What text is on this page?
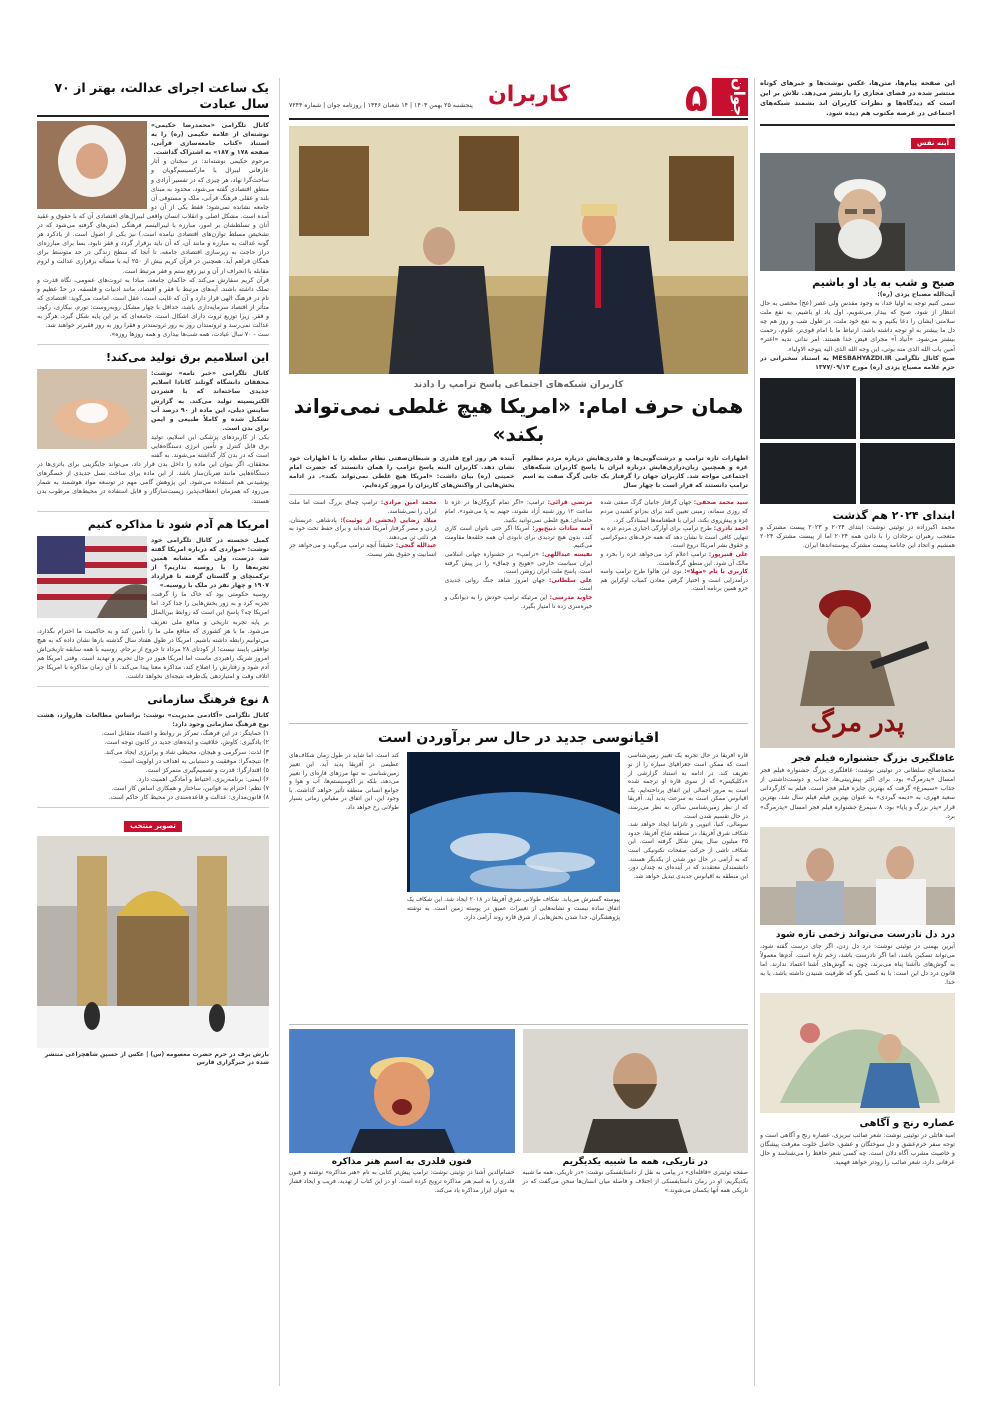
این صفحه پیام‌ها، متن‌ها، عکس نوشت‌ها و خبرهای کوتاه منتشر شده در فضای مجازی را بازنشر می‌دهد. تلاش بر این است که دیدگاه‌ها و نظرات کاربران اند بشمند شبکه‌های اجتماعی در عرصه مکتوب هم دیده شود.

آینه نفس
صبح و شب به یاد او باشیم

آیت‌الله مصباح یزدی (ره):

سمی کنیم توجه به اولیا خدا، به وجود مقدس ولی عصر (عج) مخصی به حال انتظار از شود. صبح که بیدار می‌شویم، اول یاد او باشیم، به نفع ملت سلامتی ایشان را دعا بکنیم و به نفع خود ملت، در طول شب و روز هم چه دل ما بیشتر به او توجه داشته باشد، ارتباط ما با امام قوی‌تر، علوم، رحمت بیشتر می‌شود. «آنیاد آ» مجرای فیض خدا هستند. امر ندانی ندیه «اعتر» آمین باب الله الذی منه یوتی، این وجه الله الذی الیه یتوجه الاولیاء.

صبح کانال تلگرامی MESBAHYAZDI.IR به استناد سخنرانی در حرم علامه مصباح یزدی (ره) مورخ ۱۳۷۷/۰۹/۱۴

ابتدای ۲۰۲۴ هم گذشت

محمد اکبرزاده در توئیتی نوشت: ابتدای ۲۰۲۴ و ۲۰۲۳ پیست مشترک و متعجب رهبران برجادان را با دادن همه ۲۰۲۴ اما از پیست مشترک ۲۰۲۴ همشیم و اتحاد این جانامه پیست مشترک پیوسته‌اندها ایران.

پدر مرگ
غافلگیری بزرگ جشنواره فیلم فجر

محمدصالح سلطانی در توئیتی نوشت: غافلگیری بزرگ جشنواره فیلم فجر امسال «پدرمرگ» بود. برای اکثر پیش‌بینی‌ها، جذاب و دوست‌داشتنی از جذاب «سیمرغ» گرفت که بهترین جایزه فیلم فجر است. فیلم به کارگردانی سعید فهری، به «دیمه گیردی» به عنوان بهترین فیلم فیلم سال شد، بهترین قرار «پدر بزرگ و پاپا» بود. ۸ سیمرغ جشنواره فیلم فجر امسال «پدرمرگ» برد.

درد دل نادرست می‌تواند زخمی تازه شود

آیرین بهمنی در توئیتی نوشت: درد دل زدن، اگر جای درست گفته شود، می‌تواند تسکین باشد، اما اگر نادرست باشد، زخم تازه است. آدم‌ها معمولاً به گوش‌های ناآشنا پناه می‌برند، چون به گوش‌های آشنا اعتماد ندارند. اما قانون درد دل این است: یا به کسی بگو که ظرفیت شنیدن داشته باشد، یا به خدا.

عصاره رنج و آگاهی

امید هاتلی در توئیتی نوشت: شعر صائب تبریزی، عصاره رنج و آگاهی است و توجه سفر خرم‌عشق و دل سوختگان و عشق، حاصل خلوت معرفت پیشگان و خاصیت مشرب آگاه دلان است. چه کسی شعر حافظ را می‌شناسد و حال عرفانی دارد، شعر صائب را زودتر خواهد فهمید.

جوان
۵
کاربران
پنجشنبه ۲۵ بهمن ۱۴۰۳ | ۱۴ شعبان ۱۴۴۶ | روزنامه جوان | شماره ۷۲۴۴
کاربران شبکه‌های اجتماعی پاسخ ترامپ را دادند
همان حرف امام: «امریکا هیچ غلطی نمی‌تواند بکند»

اظهارات تازه ترامپ و درشت‌گویی‌ها و قلدری‌هایش درباره مردم مظلوم غزه و همچنین زبان‌درازی‌هایش درباره ایران با پاسخ کاربران شبکه‌های اجتماعی مواجه شد. کاربران جهان را گرفتار یک جانی گرگ صفت به اسم ترامپ دانستند که قرار است تا چهار سال

آینده هر روز اوج قلدری و شیطان‌صفتی نظام سلطه را با اظهارات خود نشان دهد. کاربران البته پاسخ ترامپ را همان دانستند که حضرت امام خمینی (ره) بیان داشت: «امریکا هیچ غلطی نمی‌تواند بکند». در ادامه بخش‌هایی از واکنش‌های کاربران را مرور کرده‌ایم.

سید محمد صحفی: جهان گرفتار جانیان گرگ صفتی شده که روزی سمانه، زمینی تعیین کنند برای به‌زانو کشیدن مردم غزه و پیش‌روی بکند، ایران با قطعنامه‌ها ایستادگی کرد.

احمد نادری: طرح ترامپ برای آوارگی اجباری مردم غزه به تنهایی کافی است تا نشان دهد که همه حرف‌های دموکراسی و حقوق بشر امریکا دروغ است.

علی قنبرپور: ترامپ اعلام کرد می‌خواهد غزه را بخرد و مالک آن شود. این منطق گرگ‌هاست.

کاربری با نام «مهلا»: نوی این هالوا طرح ترامپ واسه درآمدزایی است و اختیار گرفتن معادن کمیاب اوکراین هم جزو همین برنامه است.

مرتضی قرائی: ترامپ: «اگر تمام گروگان‌ها در غزه تا ساعت ۱۲ روز شنبه آزاد نشوند، جهنم به پا می‌شود». امام خامنه‌ای: هیچ غلطی نمی‌توانید بکنید.

آمنه سادات ذبیح‌پور: آمریکا اگر حتی ناتوان است کاری کند، بدون هیچ تردیدی برای نابودی آن همه حلقه‌ها مقاومت می‌کنیم.

نفیسه عبداللهی: «ترامپ» در جشنواره جهانی اسلامی ایران سیاست خارجی «هویج و چماق» را در پیش گرفته است. پاسخ ملت ایران روشن است.

علی سلطانی: جهان امروز شاهد جنگ روانی جدیدی است.

جاوید مدرسی: این مرتیکه ترامپ خودش را به دیوانگی و خیره‌سری زده تا امتیاز بگیرد.

محمد امین مرادی: ترامپ چماق بزرگ است اما ملت ایران را نمی‌شناسد.

میلاد رضایی (بخشی از توئیت): پادشاهی عربستان، اردن و مصر گرفتار آمریکا شده‌اند و برای حفظ تخت خود به هر ذلتی تن می‌دهند.

عبدالله گنجی: حقیقتاً آنچه ترامپ می‌گوید و می‌خواهد جز انسانیت و حقوق بشر نیست.

اقیانوسی جدید در حال سر برآوردن است

قاره آفریقا در حال تجربه یک تغییر زمین‌شناسی است که ممکن است جغرافیای سیاره را از نو تعریف کند. در ادامه به استناد گزارشی از «دکلیکیس» که از سوی قاره او ترجمه شده است به مرور اجمالی این اتفاق پرداخته‌ایم. یک اقیانوس ممکن است به سرعت پدید آید. آفریقا که از نظر زمین‌شناسی ساکن به نظر می‌رسد، در حال تقسیم شدن است.

سومالی، کنیا، اتیوپی و تانزانیا ایجاد خواهد شد. شکاف شرق آفریقا، در منطقه شاخ آفریقا، حدود ۳۵ میلیون سال پیش شکل گرفته است. این شکاف ناشی از حرکت صفحات تکتونیکی است که به آرامی در حال دور شدن از یکدیگر هستند. دانشمندان معتقدند که در آینده‌ای نه چندان دور، این منطقه به اقیانوس جدیدی تبدیل خواهد شد.

پیوسته گسترش می‌یابد. شکاف طولانی شرق آفریقا در ۲۰۱۸ ایجاد شد. این شکاف یک اتفاق ساده نیست و نشانه‌هایی از تغییرات عمیق در پوسته زمین است. به نوشته پژوهشگران، جدا شدن بخش‌هایی از شرق قاره روند آرامی دارد.

کند است. اما شاید در طول زمان شکاف‌های عظیمی در آفریقا پدید آید. این تغییر زمین‌شناسی نه تنها مرزهای قاره‌ای را تغییر می‌دهد، بلکه بر اکوسیستم‌ها، آب و هوا و جوامع انسانی منطقه تأثیر خواهد گذاشت. با وجود این، این اتفاق در مقیاس زمانی بسیار طولانی رخ خواهد داد.

در تاریکی، همه ما شبیه یکدیگریم

صفحه توئیتری «قافله‌ای» در پیامی به نقل از داستایفسکی نوشت: «در تاریکی، همه ما شبیه یکدیگریم. او در زمان داستایفسکی از اختلاف و فاصله میان انسان‌ها سخن می‌گفت که در تاریکی همه آنها یکسان می‌شوند.»

فنون قلدری به اسم هنر مذاکره

حسام‌الدین آشنا در توئیتی نوشت: ترامپ پیش‌تر کتابی به نام «هنر مذاکره» نوشته و فنون قلدری را به اسم هنر مذاکره ترویج کرده است. او در این کتاب از تهدید، فریب و ایجاد فشار به عنوان ابزار مذاکره یاد می‌کند.

یک ساعت اجرای عدالت، بهتر از ۷۰ سال عبادت

کانال تلگرامی «محمدرضا حکیمی» نوشته‌ای از علامه حکیمی (ره) را به استناد «کتاب جامعه‌سازی قرآنی، صفحه ۱۷۸ و ۱۸۷» به اشتراک گذاشت.

مرحوم حکیمی نوشته‌اند: در سخنان و آثار عارفانی لیبرال یا مارکسیسم‌گویان و ساخت‌گرا نهاد، هر چیزی که در تفسیر آزادی و منطق اقتصادی گفته می‌شود، محدود به مبنای بلند و عقلی فرهنگ قرآنی، ملک و مستوفی آن جامعه نشانده نمی‌شود؛ فقط یکی از آن دو آمده است. مشکل اصلی و انقلاب انسان واقعی لیبرال‌های اقتصادی آن که با حقوق و عقید آنان و تسلطشان بر امور، مبارزه با لیبرالیسم فرهنگی (متن‌های گرفته می‌شود که در تشخیص مسلط توازن‌های اقتصادی نیامده است.) نیز یکی از اصول است. از یادکرد هر گونه عدالت به مبارزه و مانند آن، که آن باید برقرار گردد و فقر نابود، بسا برای مبارزه‌ای دراز حاجت به زیرسازی اقتصادی جامعه، تا آنجا که سطح زندگی در حد متوسط برای همگان فراهم آید. همچنین در قرآن کریم بیش از ۲۵۰ آیه با مسأله برقراری عدالت و لزوم مقابله با انحراف از آن و نیز رفع ستم و فقر مرتبط است.

قرآن کریم سفارش می‌کند که حاکمان جامعه، مبادا به ثروت‌های عمومی، نگاه قدرت و تملک داشته باشند. آیه‌های مرتبط با فقر و اقتصاد، مانند ادبیات و فلسفه، در حدّ عظیم و تام در فرهنگ الهی قرار دارد و آن که غایب است، عقل است. امامت می‌گوید: اقتصادی که متأثر از اقتصاد سرمایه‌داری باشد، حداقل با چهار مشکل روبه‌روست: تورم، بیکاری، رکود، و فقر. زیرا توزیع ثروت دارای اشکال است. جامعه‌ای که بر این پایه شکل گیرد، هرگز به عدالت نمی‌رسد و ثروتمندان روز به روز ثروتمندتر و فقرا روز به روز فقیرتر خواهند شد.

ست - ۷۰ سال عبادت، همه شب‌ها بیداری و همه روزها روزه».

این اسلامیم برق تولید می‌کند!

کانال تلگرامی «خبر نامه» نوشت: محققان دانشگاه گوتلند کانادا اسلایم جدیدی ساخته‌اند که با فشردن الکتریسیته تولید می‌کند. به گزارش ساینس دیلی، این ماده از ۹۰ درصد آب تشکیل شده و کاملاً طبیعی و ایمن برای بدن است.

یکی از کاربردهای پزشکی این اسلایم، تولید برق قابل کنترل و تأمین انرژی دستگاه‌هایی است که در بدن کار گذاشته می‌شوند. به گفته محققان، اگر بتوان این ماده را داخل بدن قرار داد، می‌تواند جایگزینی برای باتری‌ها در دستگاه‌هایی مانند ضربان‌ساز باشد. از این ماده برای ساخت نسل جدیدی از حسگرهای پوشیدنی هم استفاده می‌شود. این پژوهش گامی مهم در توسعه مواد هوشمند به شمار می‌رود که همزمان انعطاف‌پذیر، زیست‌سازگار و قابل استفاده در محیط‌های مرطوب بدن هستند.

امریکا هم آدم شود تا مذاکره کنیم

کمیل خجسته در کانال تلگرامی خود نوشت: «مواردی که درباره امریکا گفته شد درست، ولی مگه مشابه همین تجربه‌ها را با روسیه نداریم؟ از ترکمنچای و گلستان گرفته تا قرارداد ۱۹۰۷ و چهار نفر در ملک با روسیه.»

روسیه حکومتی بود که خاک ما را گرفت، تجزیه کرد و به زور بخش‌هایی را جدا کرد. اما امریکا چه؟ پاسخ این است که روابط بین‌الملل بر پایه تجربه تاریخی و منافع ملی تعریف می‌شود. ما با هر کشوری که منافع ملی ما را تأمین کند و به حاکمیت ما احترام بگذارد، می‌توانیم رابطه داشته باشیم. امریکا در طول هفتاد سال گذشته بارها نشان داده که به هیچ توافقی پایبند نیست؛ از کودتای ۲۸ مرداد تا خروج از برجام. روسیه با همه سابقه تاریخی‌اش امروز شریک راهبردی ماست اما امریکا هنوز در حال تحریم و تهدید است. وقتی امریکا هم آدم شود و رفتارش را اصلاح کند، مذاکره معنا پیدا می‌کند. تا آن زمان مذاکره با امریکا جز اتلاف وقت و امتیازدهی یک‌طرفه نتیجه‌ای نخواهد داشت.

۸ نوع فرهنگ سازمانی

کانال تلگرامی «آکادمی مدیریت» نوشت: براساس مطالعات هاروارد، هشت نوع فرهنگ سازمانی وجود دارد:

۱) حمایتگر: در این فرهنگ، تمرکز بر روابط و اعتماد متقابل است.

۲) یادگیری: کاوش، خلاقیت و ایده‌های جدید در کانون توجه است.

۳) لذت: سرگرمی و هیجان، محیطی شاد و پرانرژی ایجاد می‌کند.

۴) نتیجه‌گرا: موفقیت و دستیابی به اهداف در اولویت است.

۵) اقتدارگرا: قدرت و تصمیم‌گیری متمرکز است.

۶) ایمنی: برنامه‌ریزی، احتیاط و آمادگی اهمیت دارد.

۷) نظم: احترام به قوانین، ساختار و همکاری اساس کار است.

۸) قانون‌مداری: عدالت و قاعده‌مندی در محیط کار حاکم است.

تصویر منتخب

بارش برف در حرم حضرت معصومه (س) | عکس از حسین شاهچراغی منتشر شده در خبرگزاری فارس
